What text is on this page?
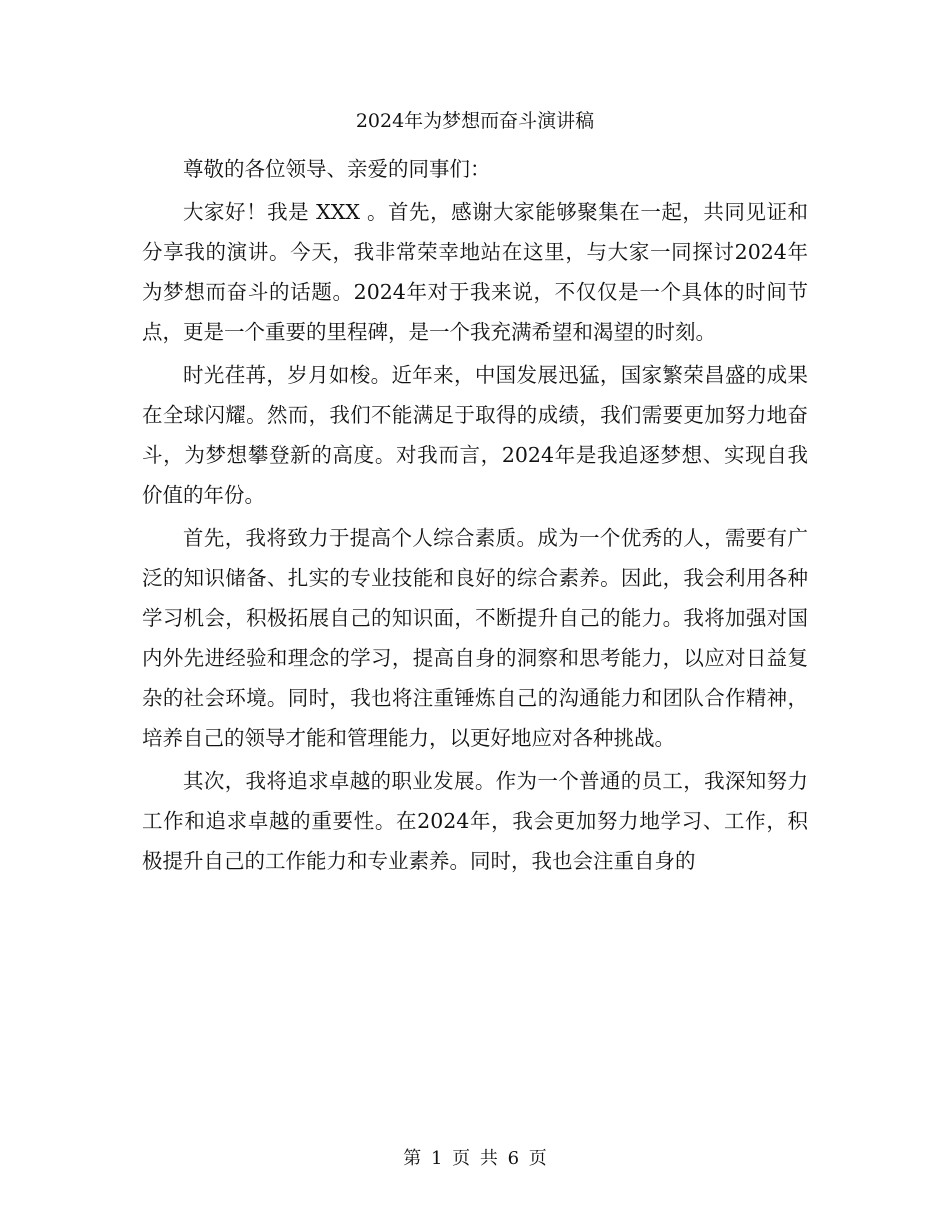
2024年为梦想而奋斗演讲稿

尊敬的各位领导、亲爱的同事们：

大家好！我是 XXX 。首先，感谢大家能够聚集在一起，共同见证和分享我的演讲。今天，我非常荣幸地站在这里，与大家一同探讨2024年为梦想而奋斗的话题。2024年对于我来说，不仅仅是一个具体的时间节点，更是一个重要的里程碑，是一个我充满希望和渴望的时刻。

时光荏苒，岁月如梭。近年来，中国发展迅猛，国家繁荣昌盛的成果在全球闪耀。然而，我们不能满足于取得的成绩，我们需要更加努力地奋斗，为梦想攀登新的高度。对我而言，2024年是我追逐梦想、实现自我价值的年份。

首先，我将致力于提高个人综合素质。成为一个优秀的人，需要有广泛的知识储备、扎实的专业技能和良好的综合素养。因此，我会利用各种学习机会，积极拓展自己的知识面，不断提升自己的能力。我将加强对国内外先进经验和理念的学习，提高自身的洞察和思考能力，以应对日益复杂的社会环境。同时，我也将注重锤炼自己的沟通能力和团队合作精神，培养自己的领导才能和管理能力，以更好地应对各种挑战。

其次，我将追求卓越的职业发展。作为一个普通的员工，我深知努力工作和追求卓越的重要性。在2024年，我会更加努力地学习、工作，积极提升自己的工作能力和专业素养。同时，我也会注重自身的

第 1 页 共 6 页
